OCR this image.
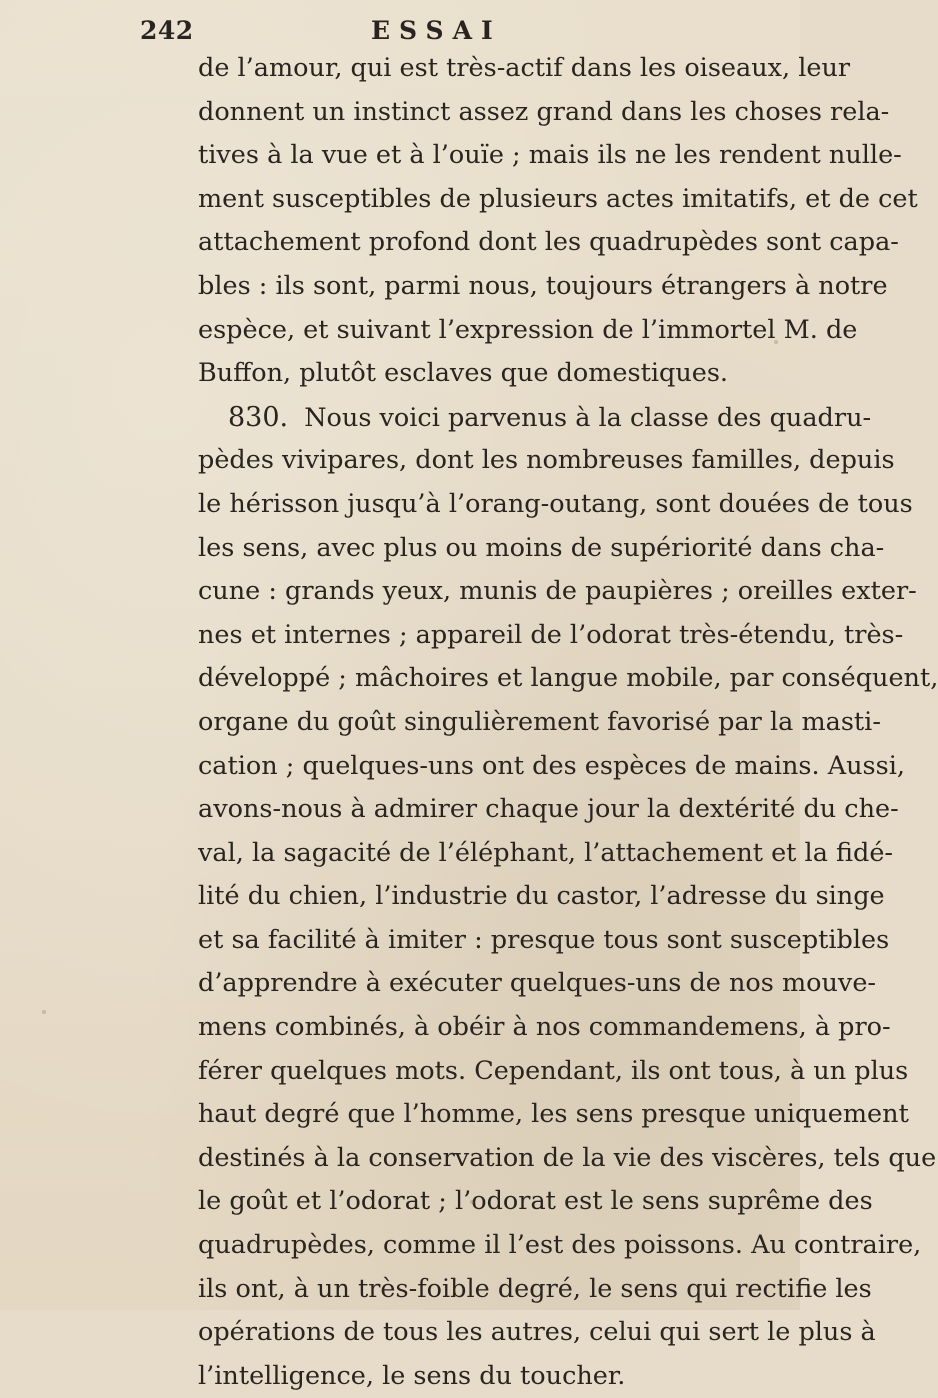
242	ESSAI
de l’amour, qui est très-actif dans les oiseaux, leur
donnent un instinct assez grand dans les choses rela-
tives à la vue et à l’ouïe ; mais ils ne les rendent nulle-
ment susceptibles de plusieurs actes imitatifs, et de cet
attachement profond dont les quadrupèdes sont capa-
bles : ils sont, parmi nous, toujours étrangers à notre
espèce, et suivant l’expression de l’immortel M. de
Buffon, plutôt esclaves que domestiques.
830. Nous voici parvenus à la classe des quadru-
pèdes vivipares, dont les nombreuses familles, depuis
le hérisson jusqu’à l’orang-outang, sont douées de tous
les sens, avec plus ou moins de supériorité dans cha-
cune : grands yeux, munis de paupières ; oreilles exter-
nes et internes ; appareil de l’odorat très-étendu, très-
développé ; mâchoires et langue mobile, par conséquent,
organe du goût singulièrement favorisé par la masti-
cation ; quelques-uns ont des espèces de mains. Aussi,
avons-nous à admirer chaque jour la dextérité du che-
val, la sagacité de l’éléphant, l’attachement et la fidé-
lité du chien, l’industrie du castor, l’adresse du singe
et sa facilité à imiter : presque tous sont susceptibles
d’apprendre à exécuter quelques-uns de nos mouve-
mens combinés, à obéir à nos commandemens, à pro-
férer quelques mots. Cependant, ils ont tous, à un plus
haut degré que l’homme, les sens presque uniquement
destinés à la conservation de la vie des viscères, tels que
le goût et l’odorat ; l’odorat est le sens suprême des
quadrupèdes, comme il l’est des poissons. Au contraire,
ils ont, à un très-foible degré, le sens qui rectifie les
opérations de tous les autres, celui qui sert le plus à
l’intelligence, le sens du toucher.
